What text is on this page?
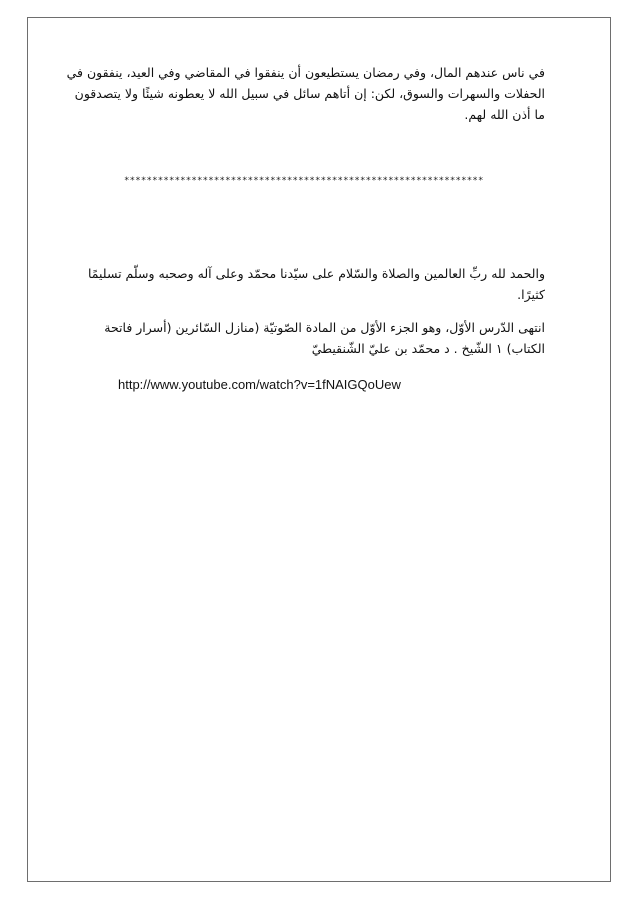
في ناس عندهم المال، وفي رمضان يستطيعون أن ينفقوا في المقاضي وفي العيد، ينفقون في
الحفلات والسهرات والسوق، لكن: إن أتاهم سائل في سبيل الله لا يعطونه شيئًا ولا يتصدقون
ما أذن الله لهم.
****************************************************************
والحمد لله ربِّ العالمين والصلاة والسّلام على سيّدنا محمّد وعلى آله وصحبه وسلّم تسليمًا
كثيرًا.
انتهى الدّرس الأوّل، وهو الجزء الأوّل من المادة الصّوتيّة (منازل السّائرين (أسرار فاتحة
الكتاب) ١ الشّيخ . د محمّد بن عليّ الشّنقيطيّ
http://www.youtube.com/watch?v=1fNAIGQoUew
